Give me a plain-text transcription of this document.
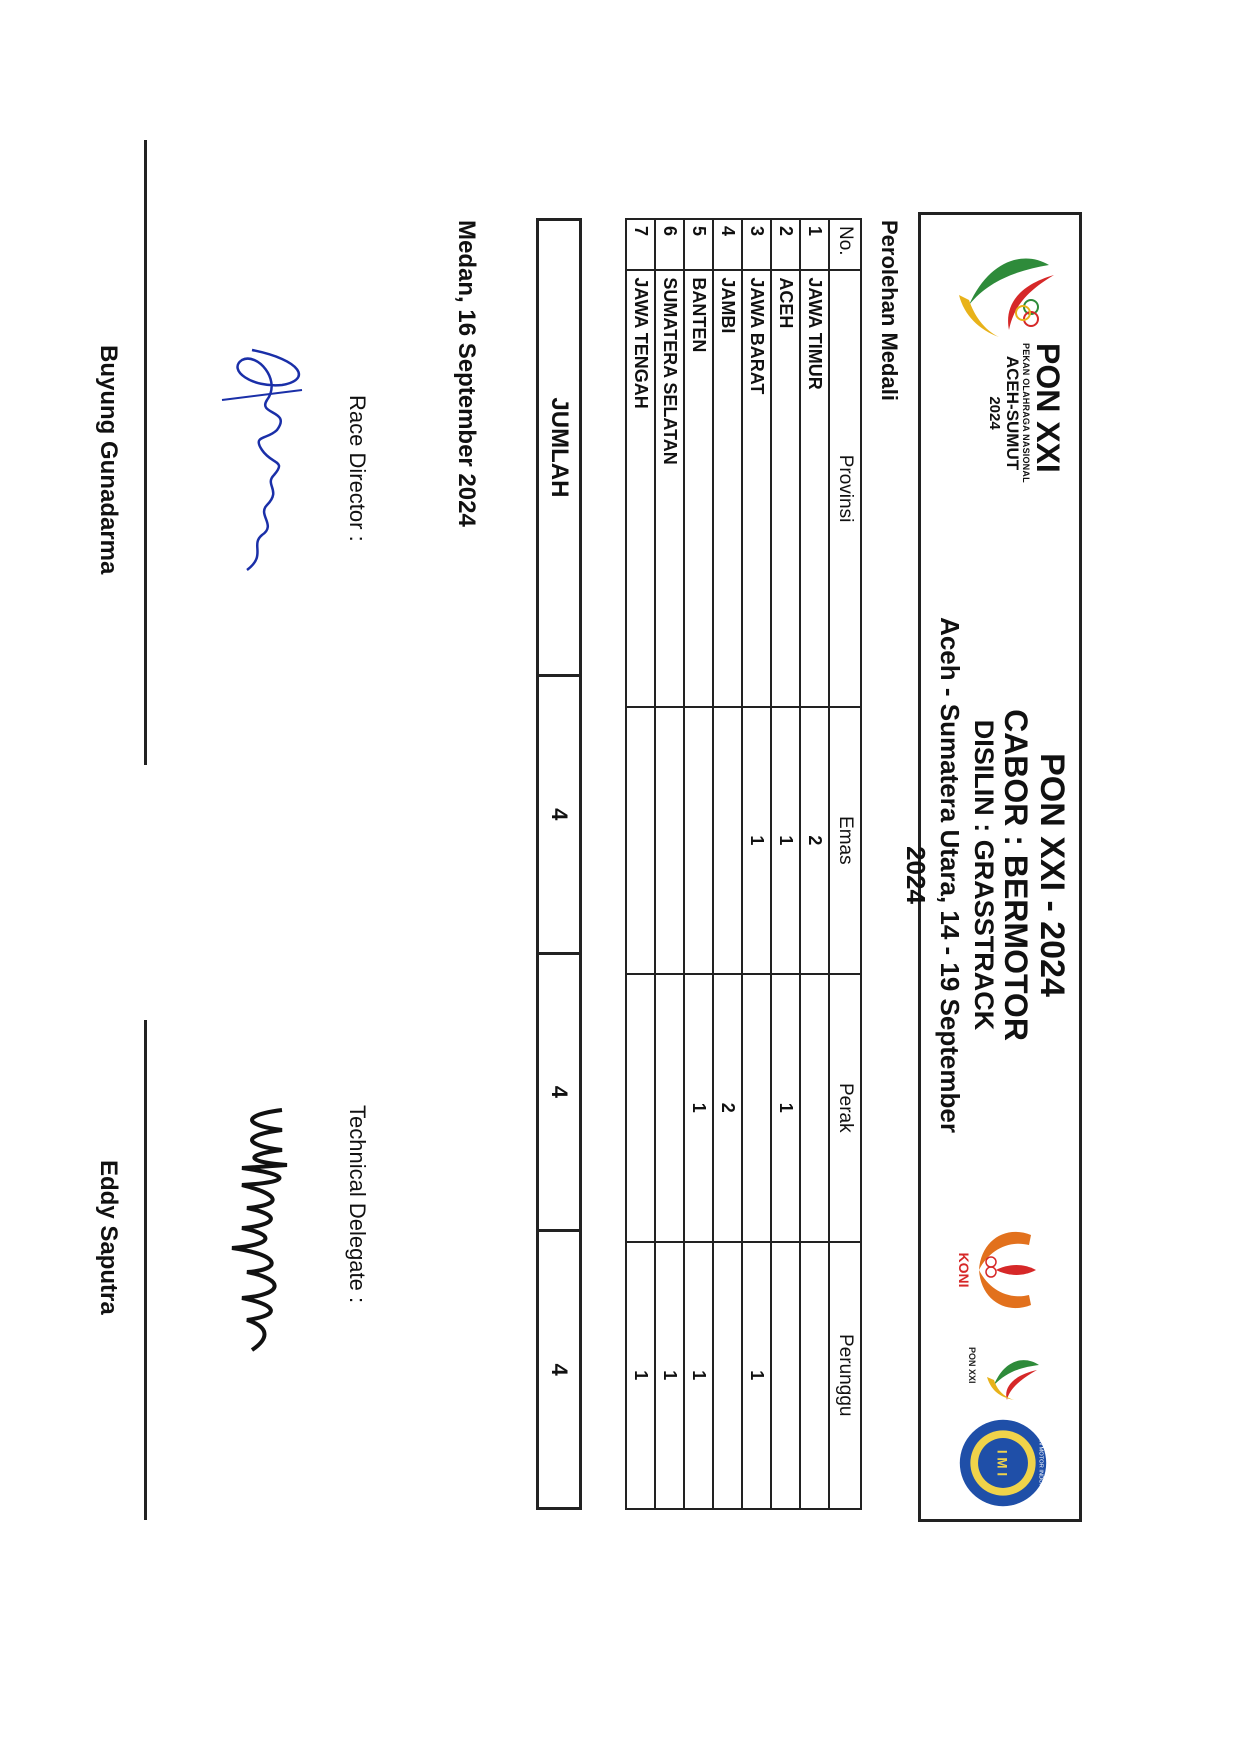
PON XXI
PEKAN OLAHRAGA NASIONAL
ACEH-SUMUT
2024
PON XXI - 2024
CABOR : BERMOTOR
DISILIN : GRASSTRACK
Aceh - Sumatera Utara, 14 - 19 September 2024
KONI
PON XXI
I M I	IKATAN MOTOR INDONESIA
Perolehan Medali
No.	Provinsi	Emas	Perak	Perunggu
1	JAWA TIMUR	2		
2	ACEH	1	1	
3	JAWA BARAT	1		1
4	JAMBI		2	
5	BANTEN		1	1
6	SUMATERA SELATAN			1
7	JAWA TENGAH			1
JUMLAH	4	4	4
Medan, 16 September 2024
Race Director :
Technical Delegate :
Buyung Gunadarma
Eddy Saputra
